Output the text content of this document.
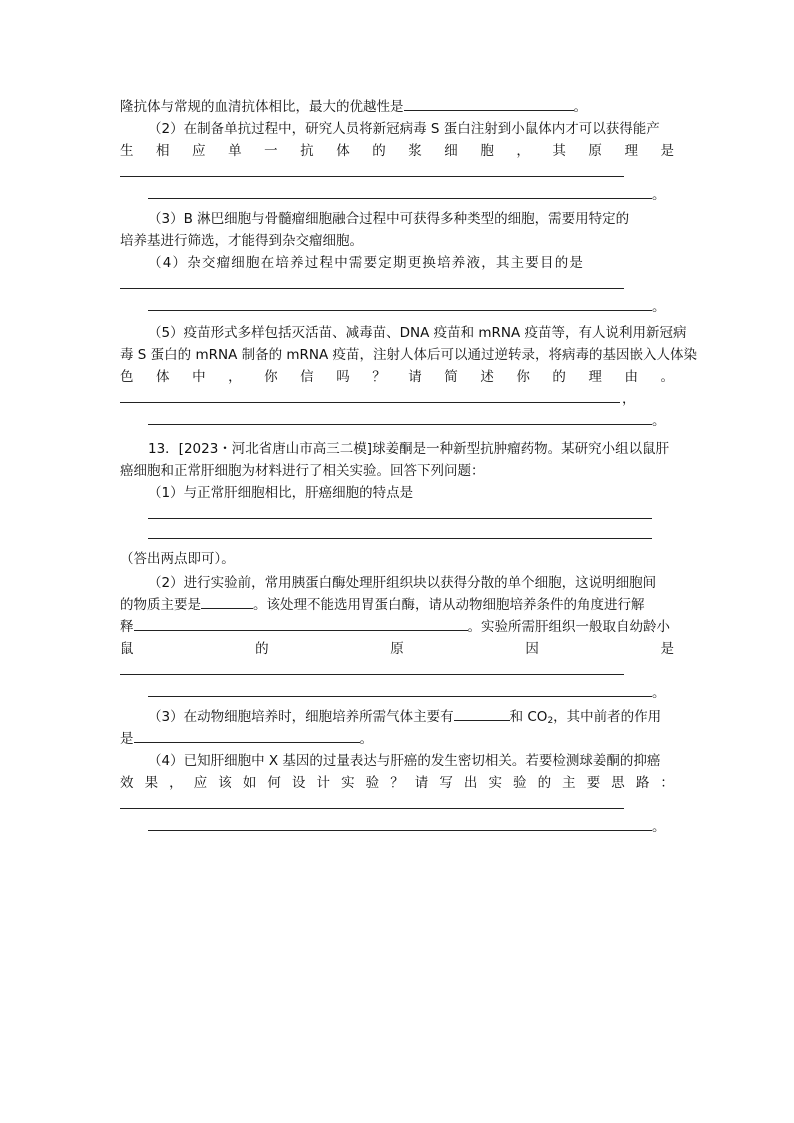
隆抗体与常规的血清抗体相比，最大的优越性是	。
（2）在制备单抗过程中，研究人员将新冠病毒 S 蛋白注射到小鼠体内才可以获得能产
生 相 应 单 一 抗 体 的 浆 细 胞 ， 其 原 理 是
。
（3）B 淋巴细胞与骨髓瘤细胞融合过程中可获得多种类型的细胞，需要用特定的
培养基进行筛选，才能得到杂交瘤细胞。
（4）杂交瘤细胞在培养过程中需要定期更换培养液，其主要目的是
。
（5）疫苗形式多样包括灭活苗、减毒苗、DNA 疫苗和 mRNA 疫苗等，有人说利用新冠病
毒 S 蛋白的 mRNA 制备的 mRNA 疫苗，注射人体后可以通过逆转录，将病毒的基因嵌入人体染
色 体 中 ， 你 信 吗 ？ 请 简 述 你 的 理 由 。
，
。
13．[2023・河北省唐山市高三二模]球姜酮是一种新型抗肿瘤药物。某研究小组以鼠肝
癌细胞和正常肝细胞为材料进行了相关实验。回答下列问题：
（1）与正常肝细胞相比，肝癌细胞的特点是
（答出两点即可）。
（2）进行实验前，常用胰蛋白酶处理肝组织块以获得分散的单个细胞，这说明细胞间
的物质主要是	。该处理不能选用胃蛋白酶，请从动物细胞培养条件的角度进行解
释	。实验所需肝组织一般取自幼龄小
鼠	的	原	因	是
。
（3）在动物细胞培养时，细胞培养所需气体主要有	和 $CO_2$，其中前者的作用
是	。
（4）已知肝细胞中 X 基因的过量表达与肝癌的发生密切相关。若要检测球姜酮的抑癌
效 果 ， 应 该 如 何 设 计 实 验 ？ 请 写 出 实 验 的 主 要 思 路 ：
。
